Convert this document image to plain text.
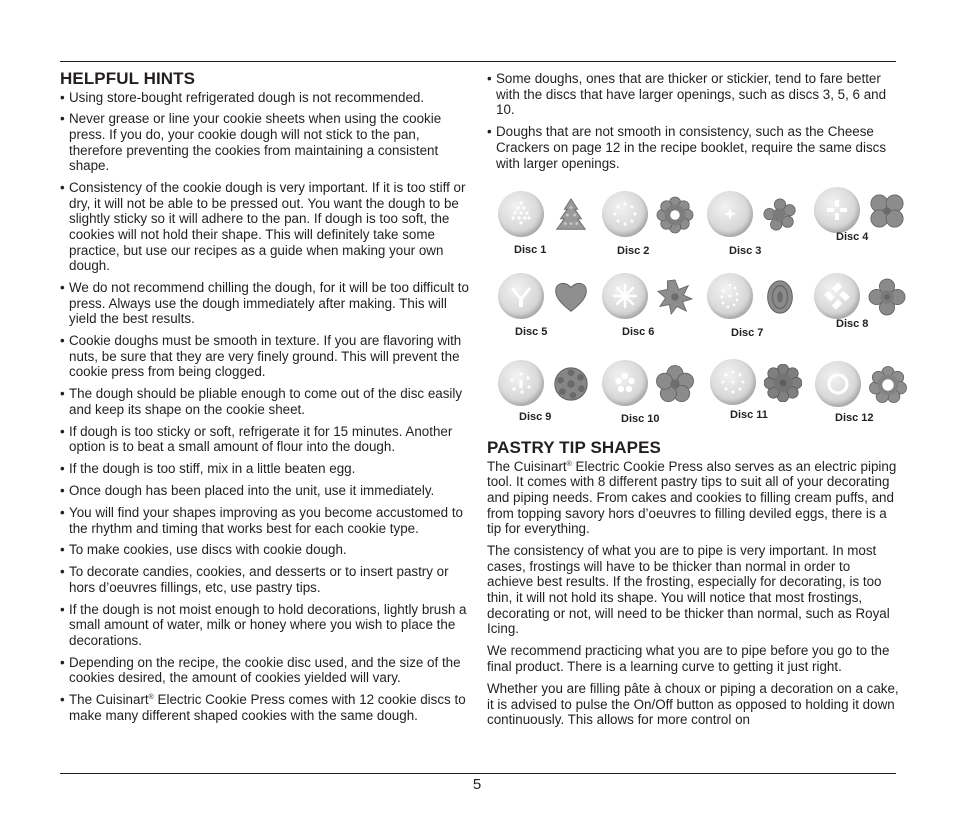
HELPFUL HINTS
• Using store-bought refrigerated dough is not recommended.
• Never grease or line your cookie sheets when using the cookie press. If you do, your cookie dough will not stick to the pan, therefore preventing the cookies from maintaining a consistent shape.
• Consistency of the cookie dough is very important. If it is too stiff or dry, it will not be able to be pressed out. You want the dough to be slightly sticky so it will adhere to the pan. If dough is too soft, the cookies will not hold their shape. This will definitely take some practice, but use our recipes as a guide when making your own dough.
• We do not recommend chilling the dough, for it will be too difficult to press. Always use the dough immediately after making. This will yield the best results.
• Cookie doughs must be smooth in texture. If you are flavoring with nuts, be sure that they are very finely ground. This will prevent the cookie press from being clogged.
• The dough should be pliable enough to come out of the disc easily and keep its shape on the cookie sheet.
• If dough is too sticky or soft, refrigerate it for 15 minutes. Another option is to beat a small amount of flour into the dough.
• If the dough is too stiff, mix in a little beaten egg.
• Once dough has been placed into the unit, use it immediately.
• You will find your shapes improving as you become accustomed to the rhythm and timing that works best for each cookie type.
• To make cookies, use discs with cookie dough.
• To decorate candies, cookies, and desserts or to insert pastry or hors d’oeuvres fillings, etc, use pastry tips.
• If the dough is not moist enough to hold decorations, lightly brush a small amount of water, milk or honey where you wish to place the decorations.
• Depending on the recipe, the cookie disc used, and the size of the cookies desired, the amount of cookies yielded will vary.
• The Cuisinart® Electric Cookie Press comes with 12 cookie discs to make many different shaped cookies with the same dough.
• Some doughs, ones that are thicker or stickier, tend to fare better with the discs that have larger openings, such as discs 3, 5, 6 and 10.
• Doughs that are not smooth in consistency, such as the Cheese Crackers on page 12 in the recipe booklet, require the same discs with larger openings.
Disc 1	Disc 2	Disc 3
Disc 4
Disc 5	Disc 6	Disc 7
Disc 8
Disc 9	Disc 10	Disc 11	Disc 12
PASTRY TIP SHAPES

The Cuisinart® Electric Cookie Press also serves as an electric piping tool. It comes with 8 different pastry tips to suit all of your decorating and piping needs. From cakes and cookies to filling cream puffs, and from topping savory hors d’oeuvres to filling deviled eggs, there is a tip for everything.

The consistency of what you are to pipe is very important. In most cases, frostings will have to be thicker than normal in order to achieve best results. If the frosting, especially for decorating, is too thin, it will not hold its shape. You will notice that most frostings, decorating or not, will need to be thicker than normal, such as Royal Icing.

We recommend practicing what you are to pipe before you go to the final product. There is a learning curve to getting it just right.

Whether you are filling pâte à choux or piping a decoration on a cake, it is advised to pulse the On/Off button as opposed to holding it down continuously. This allows for more control on

5
